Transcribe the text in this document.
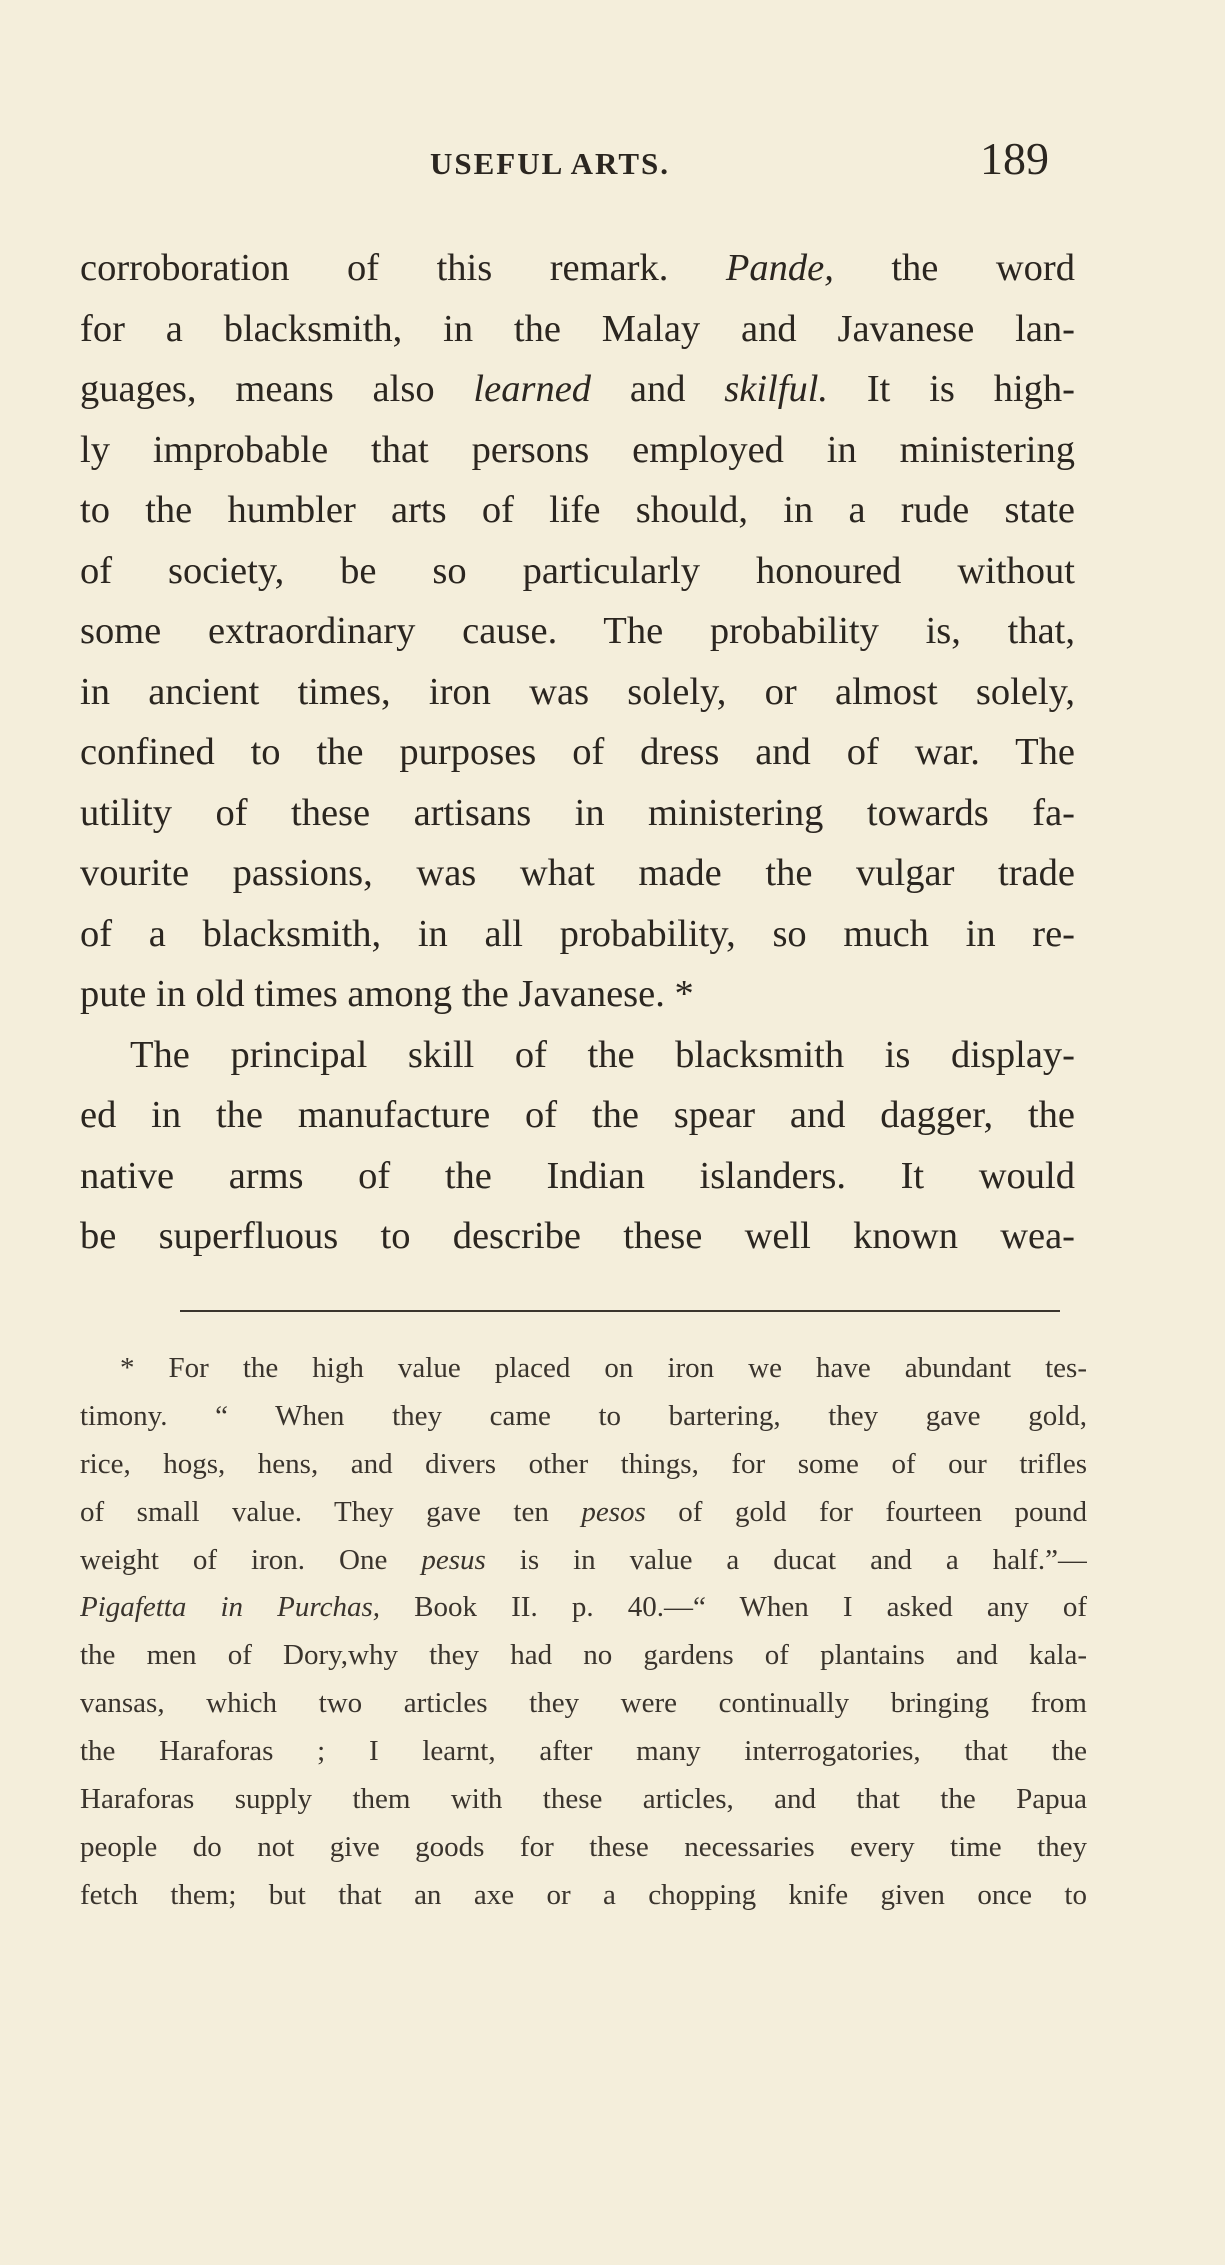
USEFUL ARTS.	189
corroboration of this remark. Pande, the word
for a blacksmith, in the Malay and Javanese lan-
guages, means also learned and skilful. It is high-
ly improbable that persons employed in ministering
to the humbler arts of life should, in a rude state
of society, be so particularly honoured without
some extraordinary cause. The probability is, that,
in ancient times, iron was solely, or almost solely,
confined to the purposes of dress and of war. The
utility of these artisans in ministering towards fa-
vourite passions, was what made the vulgar trade
of a blacksmith, in all probability, so much in re-
pute in old times among the Javanese. *
The principal skill of the blacksmith is display-
ed in the manufacture of the spear and dagger, the
native arms of the Indian islanders. It would
be superfluous to describe these well known wea-
* For the high value placed on iron we have abundant tes-
timony. “ When they came to bartering, they gave gold,
rice, hogs, hens, and divers other things, for some of our trifles
of small value. They gave ten pesos of gold for fourteen pound
weight of iron. One pesus is in value a ducat and a half.”—
Pigafetta in Purchas, Book II. p. 40.—“ When I asked any of
the men of Dory,why they had no gardens of plantains and kala-
vansas, which two articles they were continually bringing from
the Haraforas ; I learnt, after many interrogatories, that the
Haraforas supply them with these articles, and that the Papua
people do not give goods for these necessaries every time they
fetch them; but that an axe or a chopping knife given once to
